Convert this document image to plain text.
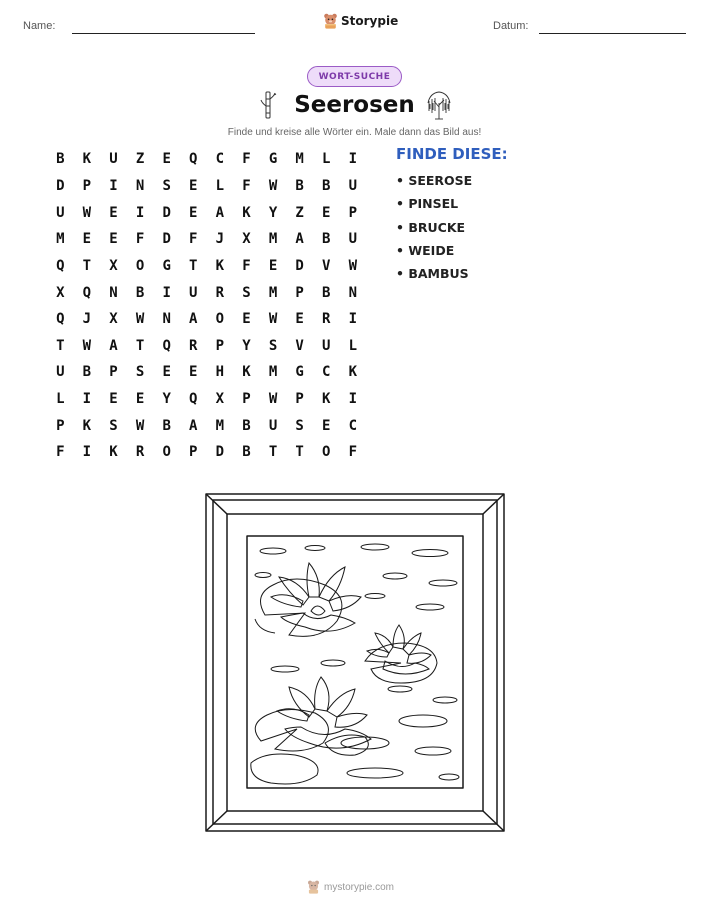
Name:	Storypie	Datum:
WORT-SUCHE
Seerosen
Finde und kreise alle Wörter ein. Male dann das Bild aus!
B	K	U	Z	E	Q	C	F	G	M	L	I
D	P	I	N	S	E	L	F	W	B	B	U
U	W	E	I	D	E	A	K	Y	Z	E	P
M	E	E	F	D	F	J	X	M	A	B	U
Q	T	X	O	G	T	K	F	E	D	V	W
X	Q	N	B	I	U	R	S	M	P	B	N
Q	J	X	W	N	A	O	E	W	E	R	I
T	W	A	T	Q	R	P	Y	S	V	U	L
U	B	P	S	E	E	H	K	M	G	C	K
L	I	E	E	Y	Q	X	P	W	P	K	I
P	K	S	W	B	A	M	B	U	S	E	C
F	I	K	R	O	P	D	B	T	T	O	F
FINDE DIESE:
• SEEROSE
• PINSEL
• BRUCKE
• WEIDE
• BAMBUS
mystorypie.com
